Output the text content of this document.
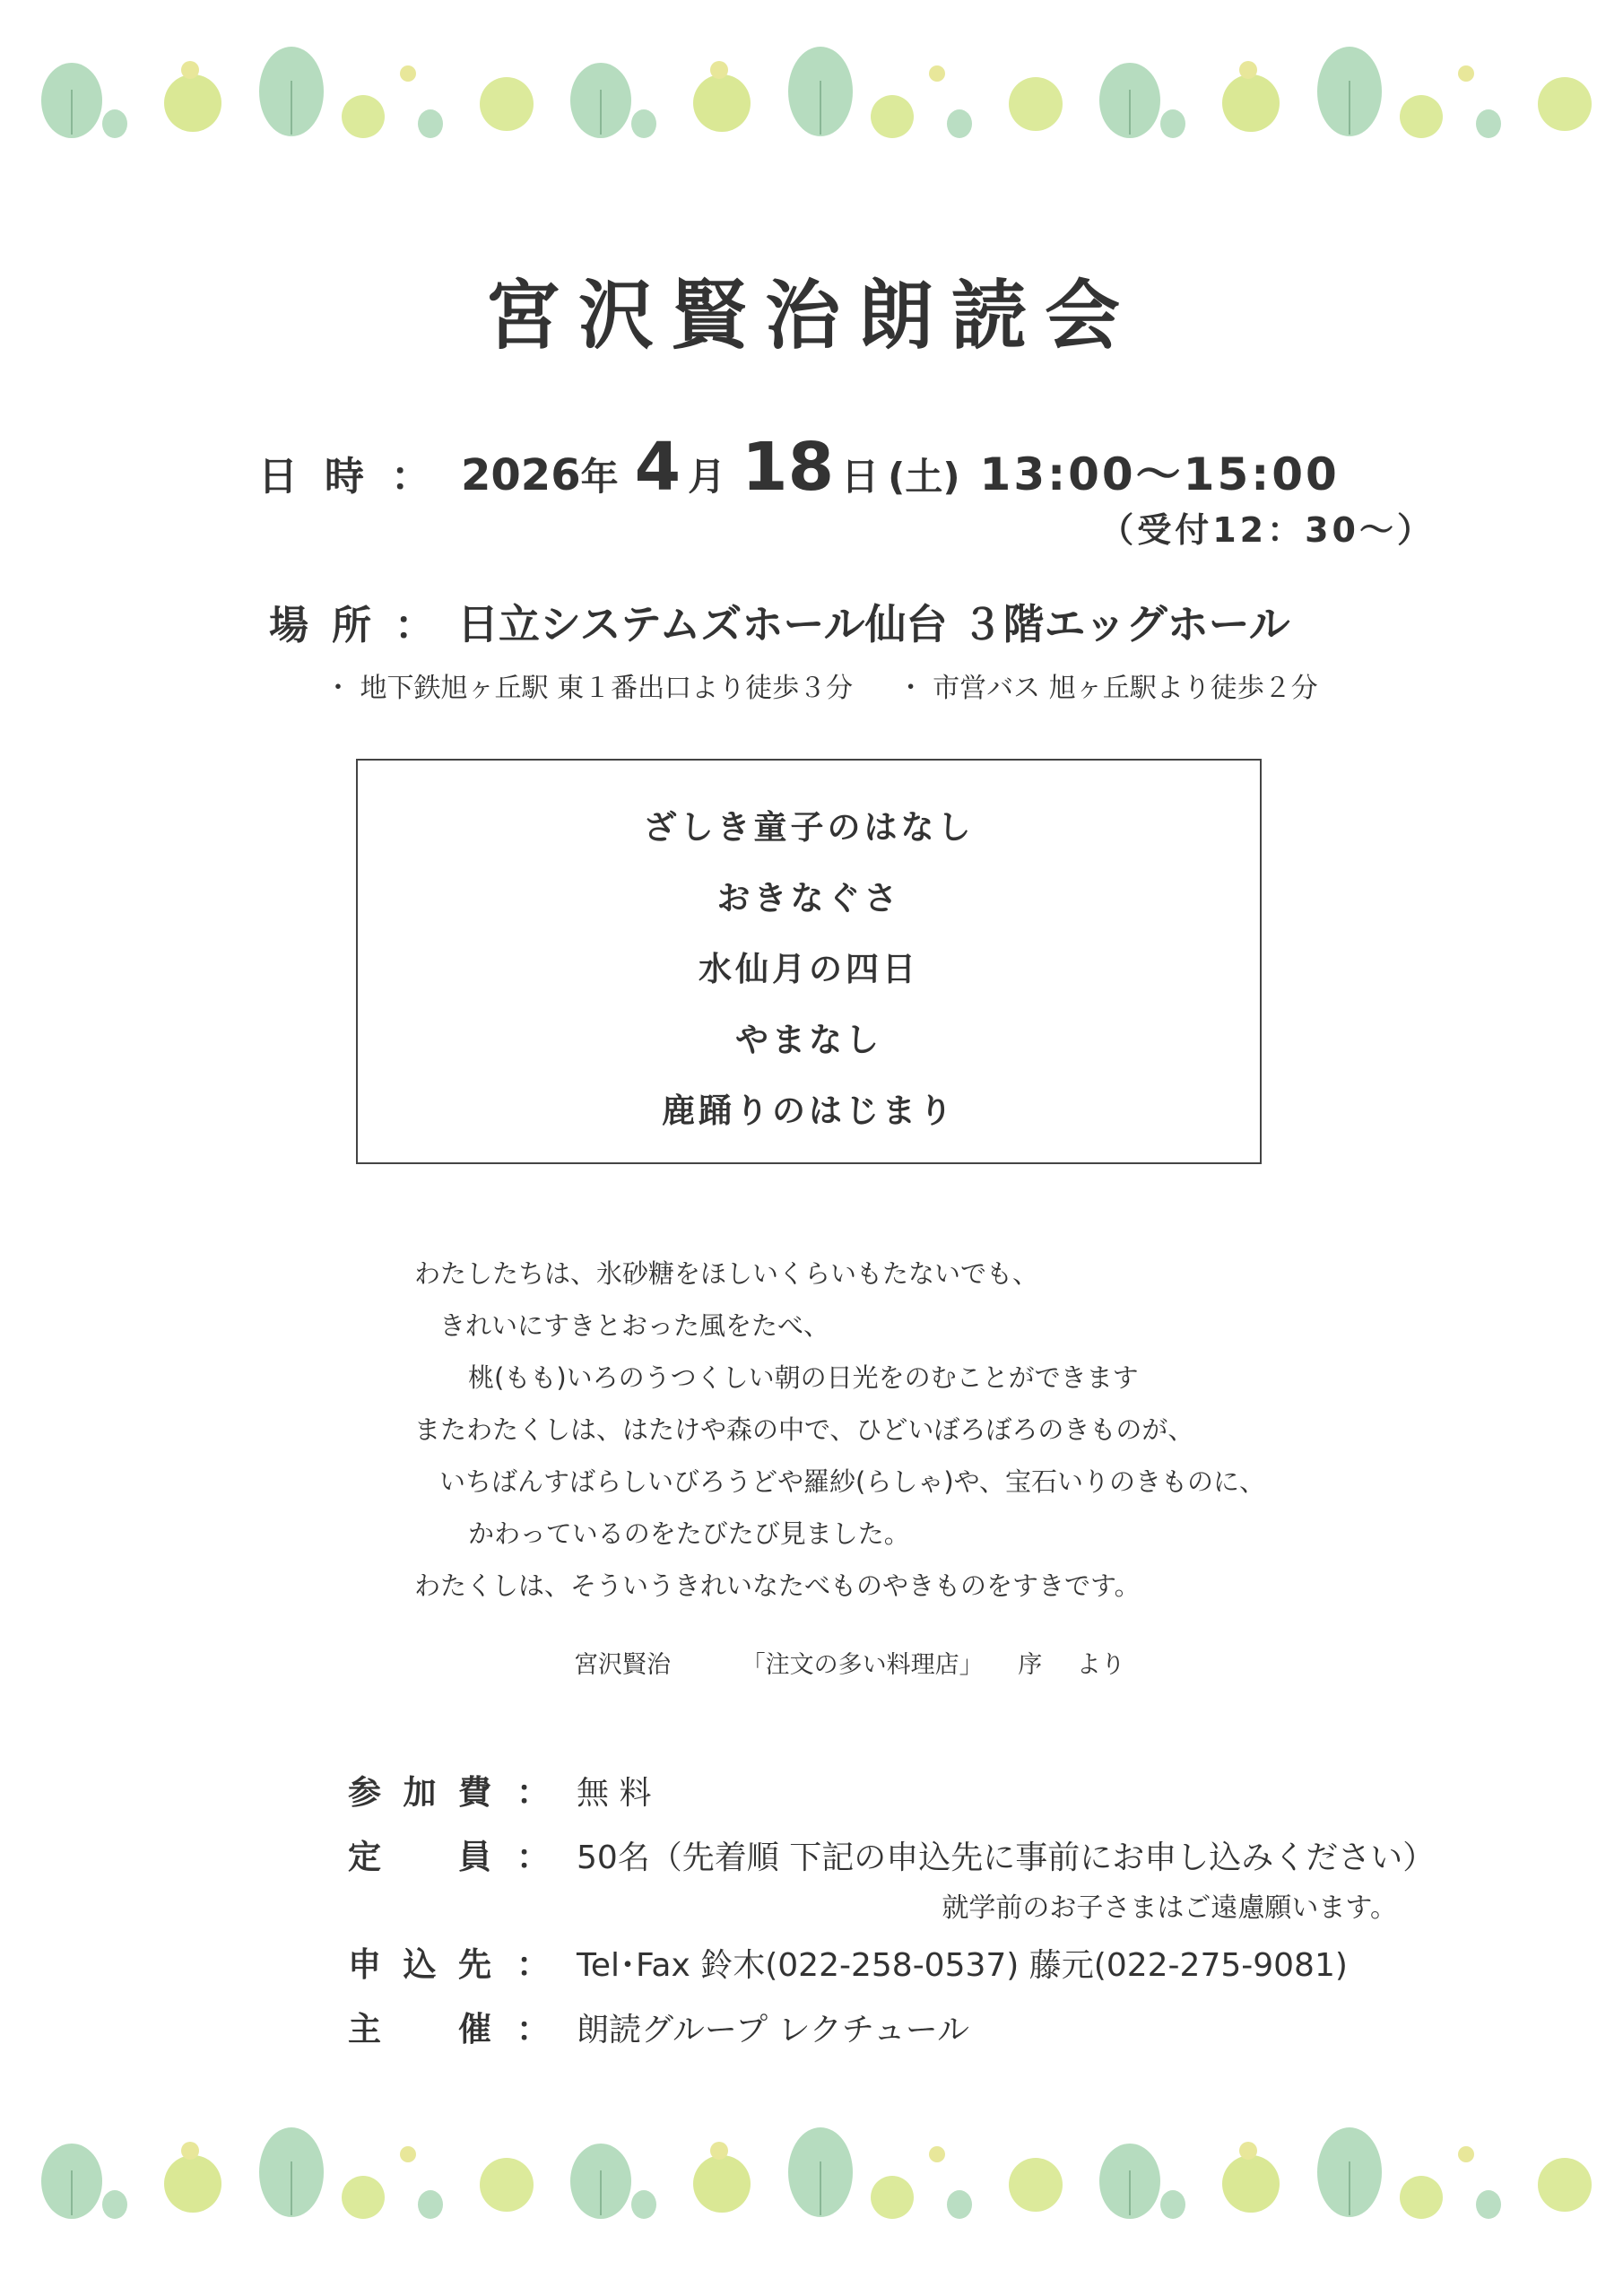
宮沢賢治朗読会
日時 ： 2026 年 4 月 18 日 (土) 13:00～15:00
（受付12：30～）
場所 ： 日立システムズホール仙台 ３階エッグホール
・ 地下鉄旭ヶ丘駅 東１番出口より徒歩３分 ・ 市営バス 旭ヶ丘駅より徒歩２分
ざしき童子のはなし
おきなぐさ
水仙月の四日
やまなし
鹿踊りのはじまり
わたしたちは、氷砂糖をほしいくらいもたないでも、
きれいにすきとおった風をたべ、
桃(もも)いろのうつくしい朝の日光をのむことができます
またわたくしは、はたけや森の中で、ひどいぼろぼろのきものが、
いちばんすばらしいびろうどや羅紗(らしゃ)や、宝石いりのきものに、
かわっているのをたびたび見ました。
わたくしは、そういうきれいなたべものやきものをすきです。
宮沢賢治	「注文の多い料理店」 序 より
参加費 ： 無 料
定員 ： 50名（先着順 下記の申込先に事前にお申し込みください）
申込先 ： Tel･Fax 鈴木(022-258-0537) 藤元(022-275-9081)
主催 ： 朗読グループ レクチュール
就学前のお子さまはご遠慮願います。
